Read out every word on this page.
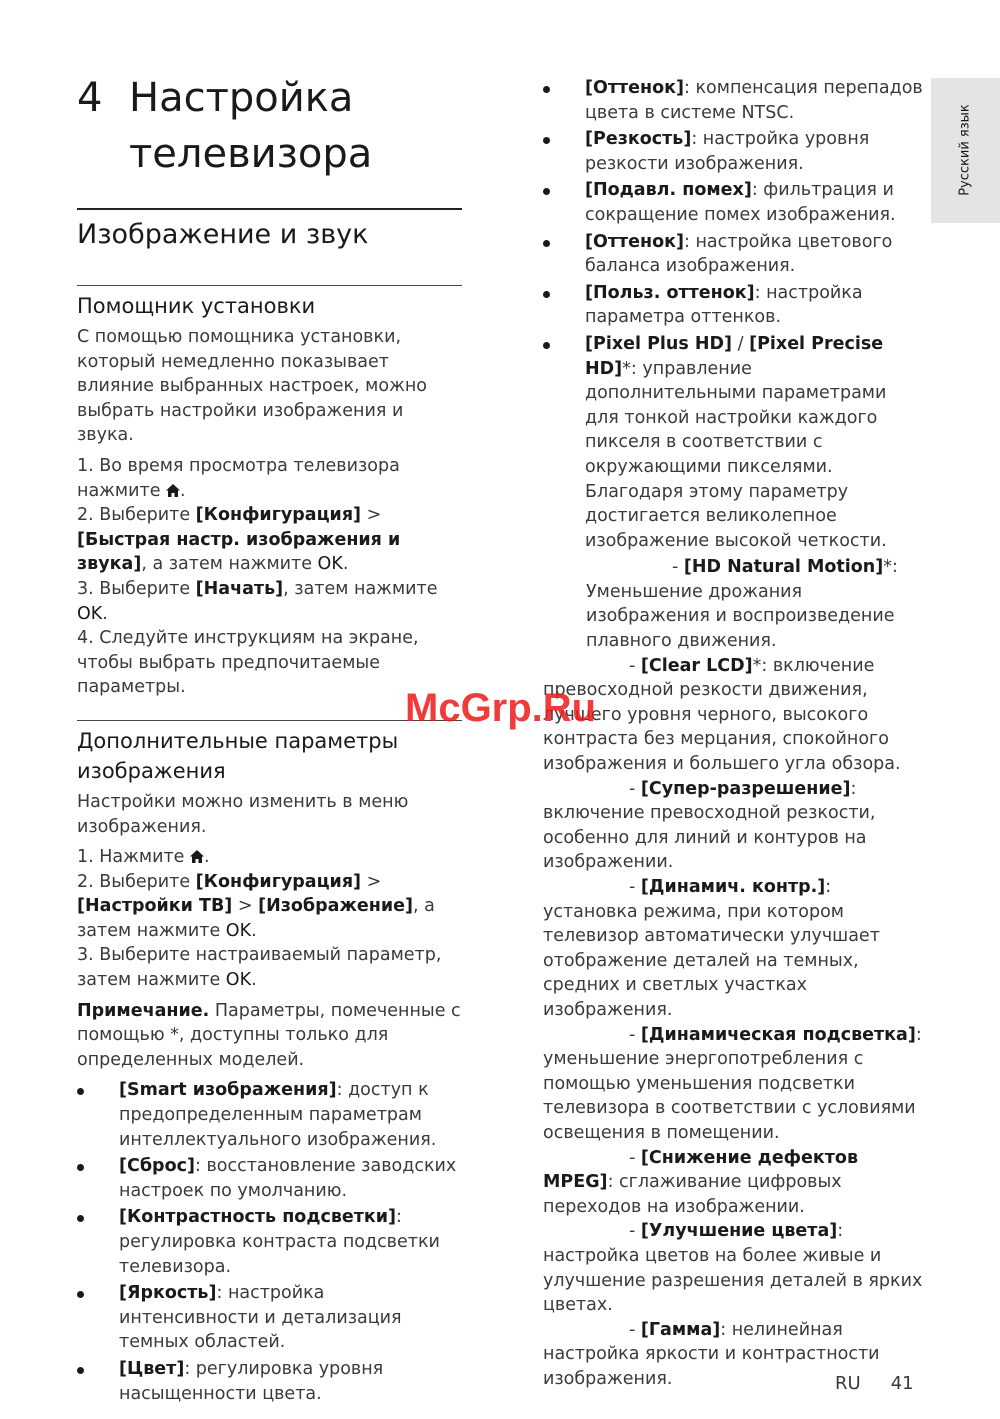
4 Настройка
телевизора
Изображение и звук
Помощник установки

С помощью помощника установки, который немедленно показывает влияние выбранных настроек, можно выбрать настройки изображения и звука.

1. Во время просмотра телевизора нажмите .

2. Выберите [Конфигурация] > [Быстрая настр. изображения и звука], а затем нажмите OK.

3. Выберите [Начать], затем нажмите OK.

4. Следуйте инструкциям на экране, чтобы выбрать предпочитаемые параметры.

Дополнительные параметры изображения

Настройки можно изменить в меню изображения.

1. Нажмите .

2. Выберите [Конфигурация] > [Настройки ТВ] > [Изображение], а затем нажмите OK.

3. Выберите настраиваемый параметр, затем нажмите OK.

Примечание. Параметры, помеченные с помощью *, доступны только для определенных моделей.

[Smart изображения]: доступ к предопределенным параметрам интеллектуального изображения.
[Сброс]: восстановление заводских настроек по умолчанию.
[Контрастность подсветки]: регулировка контраста подсветки телевизора.
[Яркость]: настройка интенсивности и детализация темных областей.
[Цвет]: регулировка уровня насыщенности цвета.
[Оттенок]: компенсация перепадов цвета в системе NTSC.
[Резкость]: настройка уровня резкости изображения.
[Подавл. помех]: фильтрация и сокращение помех изображения.
[Оттенок]: настройка цветового баланса изображения.
[Польз. оттенок]: настройка параметра оттенков.
[Pixel Plus HD] / [Pixel Precise HD]*: управление дополнительными параметрами для тонкой настройки каждого пикселя в соответствии с окружающими пикселями. Благодаря этому параметру достигается великолепное изображение высокой четкости.

- [HD Natural Motion]*: Уменьшение дрожания изображения и воспроизведение плавного движения.

- [Clear LCD]*: включение превосходной резкости движения, лучшего уровня черного, высокого контраста без мерцания, спокойного изображения и большего угла обзора.

- [Супер-разрешение]: включение превосходной резкости, особенно для линий и контуров на изображении.

- [Динамич. контр.]: установка режима, при котором телевизор автоматически улучшает отображение деталей на темных, средних и светлых участках изображения.

- [Динамическая подсветка]: уменьшение энергопотребления с помощью уменьшения подсветки телевизора в соответствии с условиями освещения в помещении.

- [Снижение дефектов MPEG]: сглаживание цифровых переходов на изображении.

- [Улучшение цвета]: настройка цветов на более живые и улучшение разрешения деталей в ярких цветах.

- [Гамма]: нелинейная настройка яркости и контрастности изображения.

Русский язык
McGrp.Ru
RU 41
